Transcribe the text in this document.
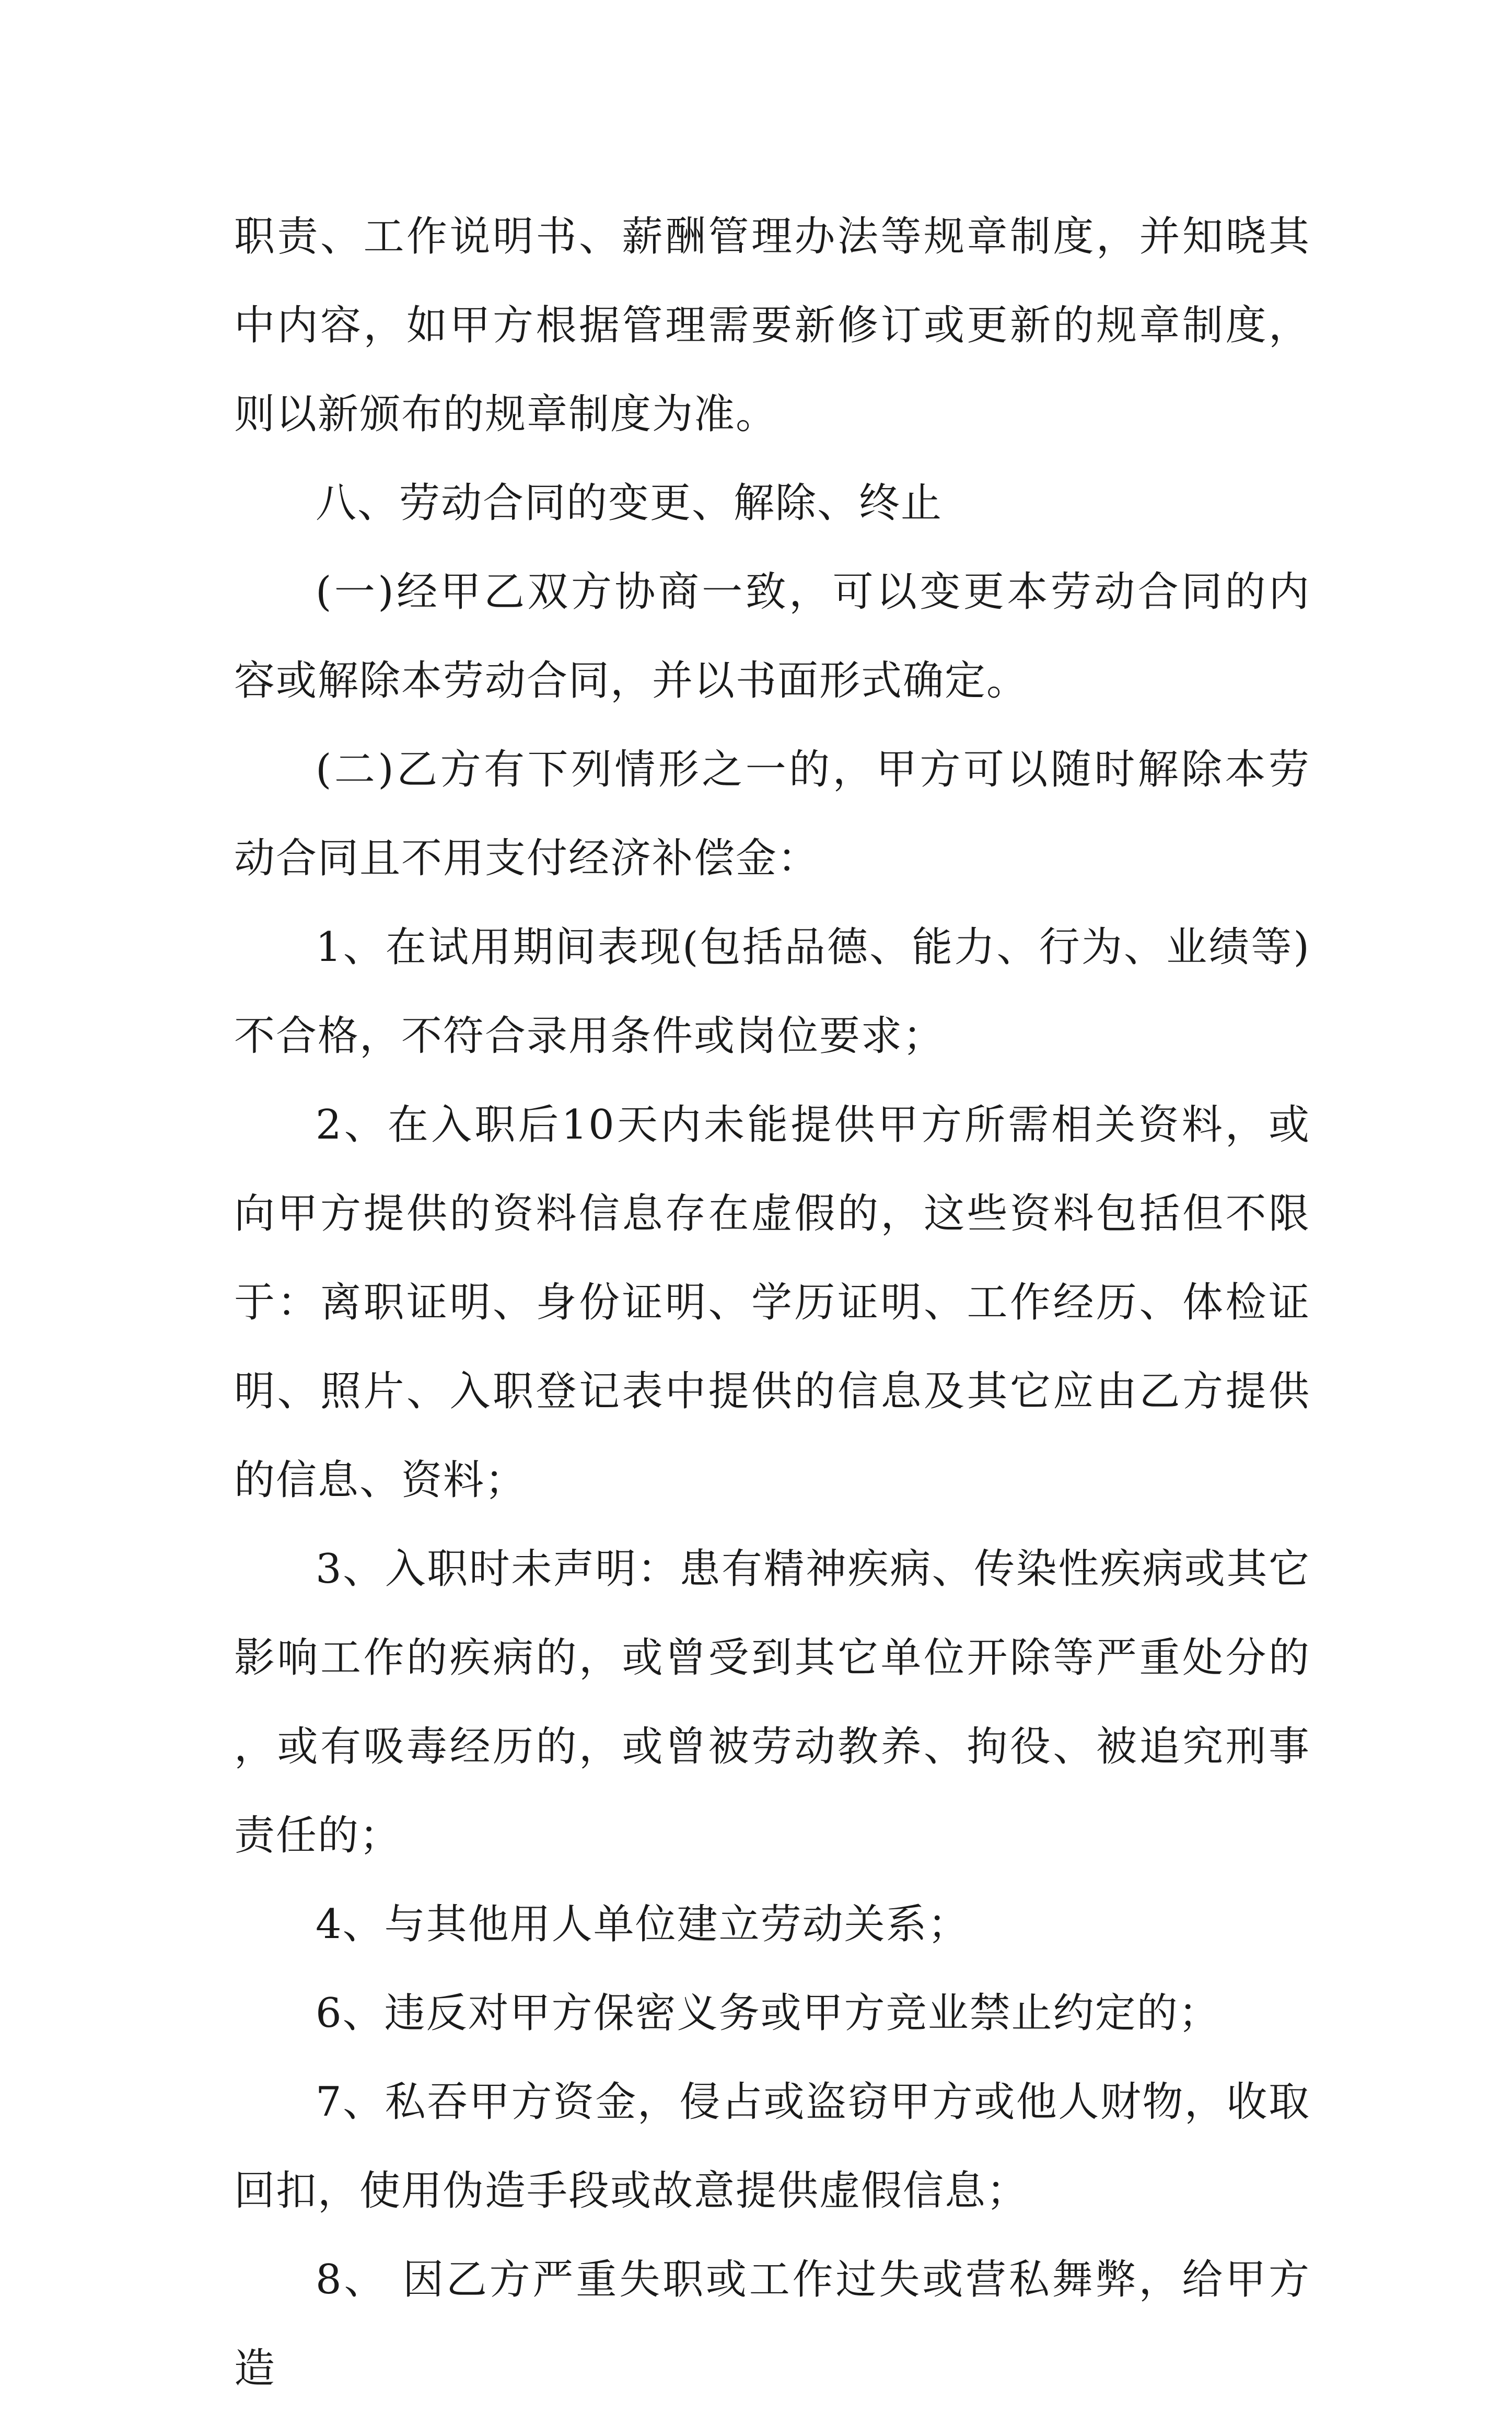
职责、工作说明书、薪酬管理办法等规章制度，并知晓其中内容，如甲方根据管理需要新修订或更新的规章制度，则以新颁布的规章制度为准。

八、劳动合同的变更、解除、终止

(一)经甲乙双方协商一致，可以变更本劳动合同的内容或解除本劳动合同，并以书面形式确定。

(二)乙方有下列情形之一的，甲方可以随时解除本劳动合同且不用支付经济补偿金：

1、在试用期间表现(包括品德、能力、行为、业绩等)不合格，不符合录用条件或岗位要求；

2、在入职后10天内未能提供甲方所需相关资料，或向甲方提供的资料信息存在虚假的，这些资料包括但不限于：离职证明、身份证明、学历证明、工作经历、体检证明、照片、入职登记表中提供的信息及其它应由乙方提供的信息、资料；

3、入职时未声明：患有精神疾病、传染性疾病或其它影响工作的疾病的，或曾受到其它单位开除等严重处分的，或有吸毒经历的，或曾被劳动教养、拘役、被追究刑事责任的；

4、与其他用人单位建立劳动关系；

6、违反对甲方保密义务或甲方竞业禁止约定的；

7、私吞甲方资金，侵占或盗窃甲方或他人财物，收取回扣，使用伪造手段或故意提供虚假信息；

8、 因乙方严重失职或工作过失或营私舞弊，给甲方造
